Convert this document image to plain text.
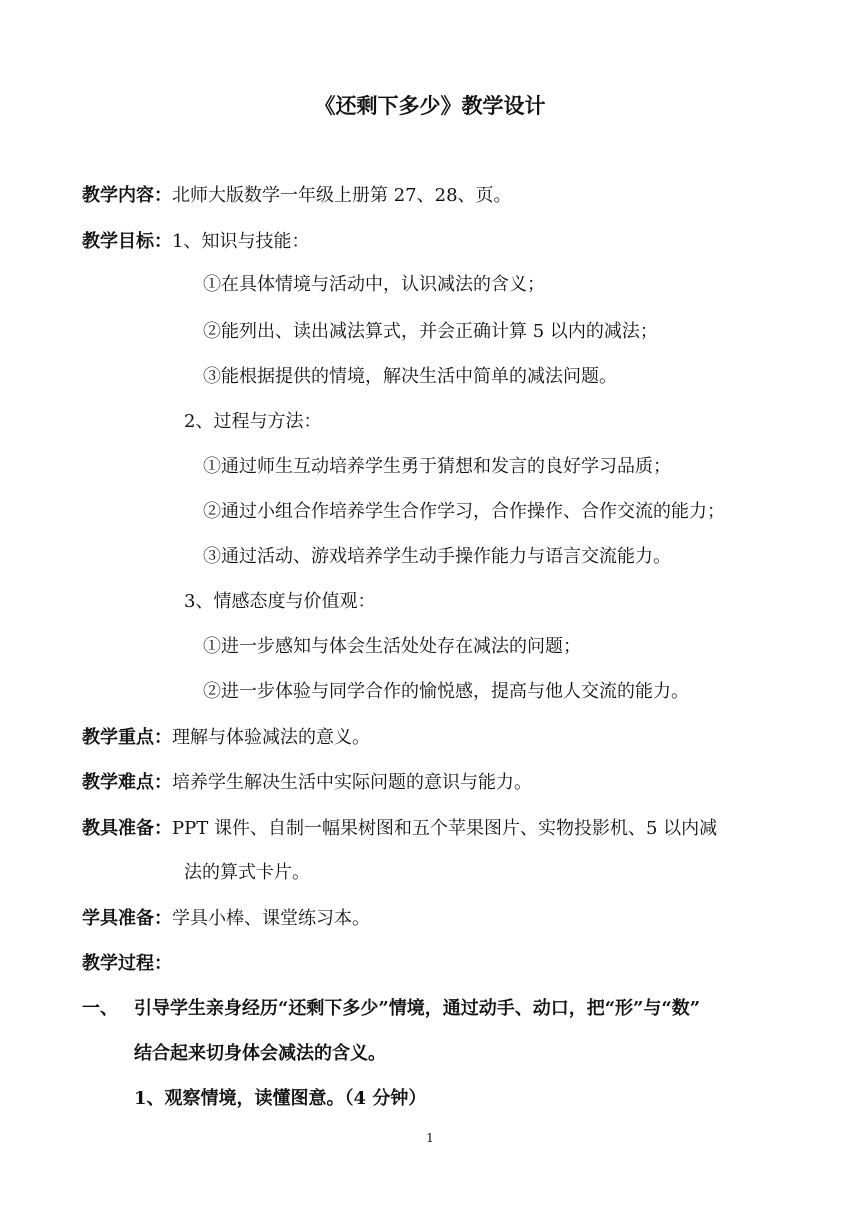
《还剩下多少》教学设计
教学内容：北师大版数学一年级上册第 27、28、页。
教学目标：1、知识与技能：
①在具体情境与活动中，认识减法的含义；
②能列出、读出减法算式，并会正确计算 5 以内的减法；
③能根据提供的情境，解决生活中简单的减法问题。
2、过程与方法：
①通过师生互动培养学生勇于猜想和发言的良好学习品质；
②通过小组合作培养学生合作学习，合作操作、合作交流的能力；
③通过活动、游戏培养学生动手操作能力与语言交流能力。
3、情感态度与价值观：
①进一步感知与体会生活处处存在减法的问题；
②进一步体验与同学合作的愉悦感，提高与他人交流的能力。
教学重点：理解与体验减法的意义。
教学难点：培养学生解决生活中实际问题的意识与能力。
教具准备：PPT 课件、自制一幅果树图和五个苹果图片、实物投影机、5 以内减
法的算式卡片。
学具准备：学具小棒、课堂练习本。
教学过程：
一、 引导学生亲身经历“还剩下多少”情境，通过动手、动口，把“形”与“数”
结合起来切身体会减法的含义。
1、观察情境，读懂图意。（4 分钟）
1
